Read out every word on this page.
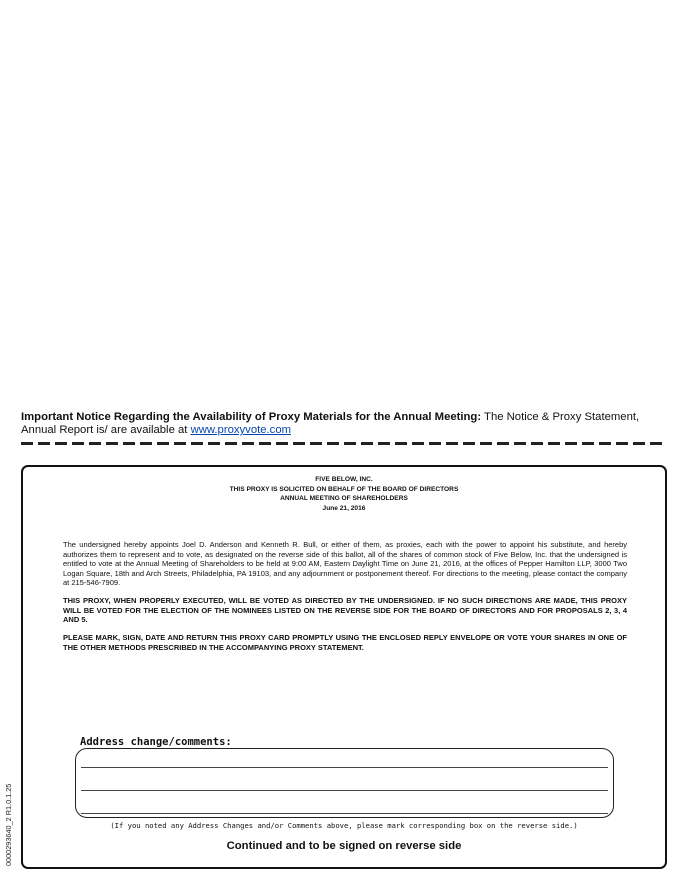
Important Notice Regarding the Availability of Proxy Materials for the Annual Meeting: The Notice & Proxy Statement, Annual Report is/ are available at www.proxyvote.com
FIVE BELOW, INC.
THIS PROXY IS SOLICITED ON BEHALF OF THE BOARD OF DIRECTORS
ANNUAL MEETING OF SHAREHOLDERS
June 21, 2016
The undersigned hereby appoints Joel D. Anderson and Kenneth R. Bull, or either of them, as proxies, each with the power to appoint his substitute, and hereby authorizes them to represent and to vote, as designated on the reverse side of this ballot, all of the shares of common stock of Five Below, Inc. that the undersigned is entitled to vote at the Annual Meeting of Shareholders to be held at 9:00 AM, Eastern Daylight Time on June 21, 2016, at the offices of Pepper Hamilton LLP, 3000 Two Logan Square, 18th and Arch Streets, Philadelphia, PA 19103, and any adjournment or postponement thereof. For directions to the meeting, please contact the company at 215-546-7909.
THIS PROXY, WHEN PROPERLY EXECUTED, WILL BE VOTED AS DIRECTED BY THE UNDERSIGNED. IF NO SUCH DIRECTIONS ARE MADE, THIS PROXY WILL BE VOTED FOR THE ELECTION OF THE NOMINEES LISTED ON THE REVERSE SIDE FOR THE BOARD OF DIRECTORS AND FOR PROPOSALS 2, 3, 4 AND 5.
PLEASE MARK, SIGN, DATE AND RETURN THIS PROXY CARD PROMPTLY USING THE ENCLOSED REPLY ENVELOPE OR VOTE YOUR SHARES IN ONE OF THE OTHER METHODS PRESCRIBED IN THE ACCOMPANYING PROXY STATEMENT.
Address change/comments:
(If you noted any Address Changes and/or Comments above, please mark corresponding box on the reverse side.)
Continued and to be signed on reverse side
0000293640_2 R1.0.1.25
